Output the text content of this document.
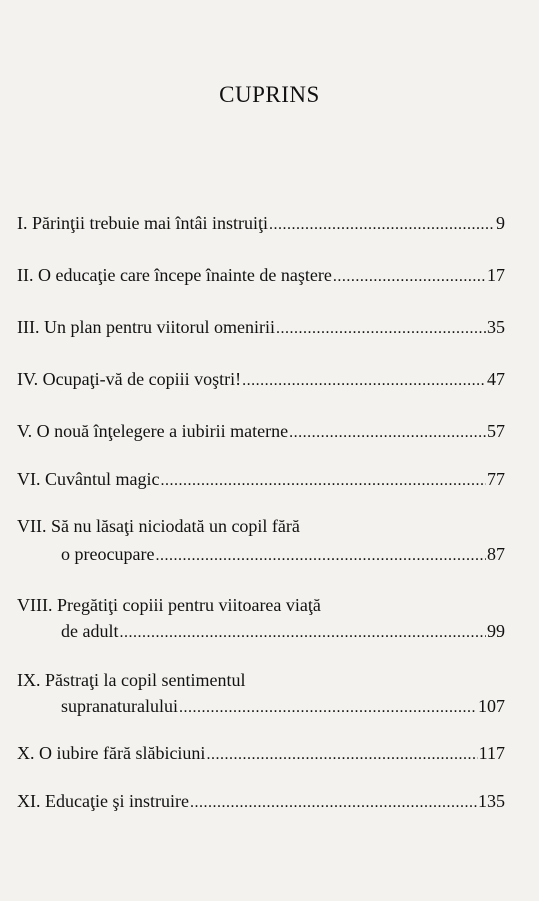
CUPRINS
I. Părinţii trebuie mai întâi instruiţi .....	9
II. O educaţie care începe înainte de naştere .....	17
III. Un plan pentru viitorul omenirii .....	35
IV. Ocupaţi-vă de copiii voştri! .....	47
V. O nouă înţelegere a iubirii materne .....	57
VI. Cuvântul magic .....	77
VII. Să nu lăsaţi niciodată un copil fără
o preocupare .....	87
VIII. Pregătiţi copiii pentru viitoarea viaţă
de adult .....	99
IX. Păstraţi la copil sentimentul
supranaturalului .....	107
X. O iubire fără slăbiciuni .....	117
XI. Educaţie şi instruire .....	135
